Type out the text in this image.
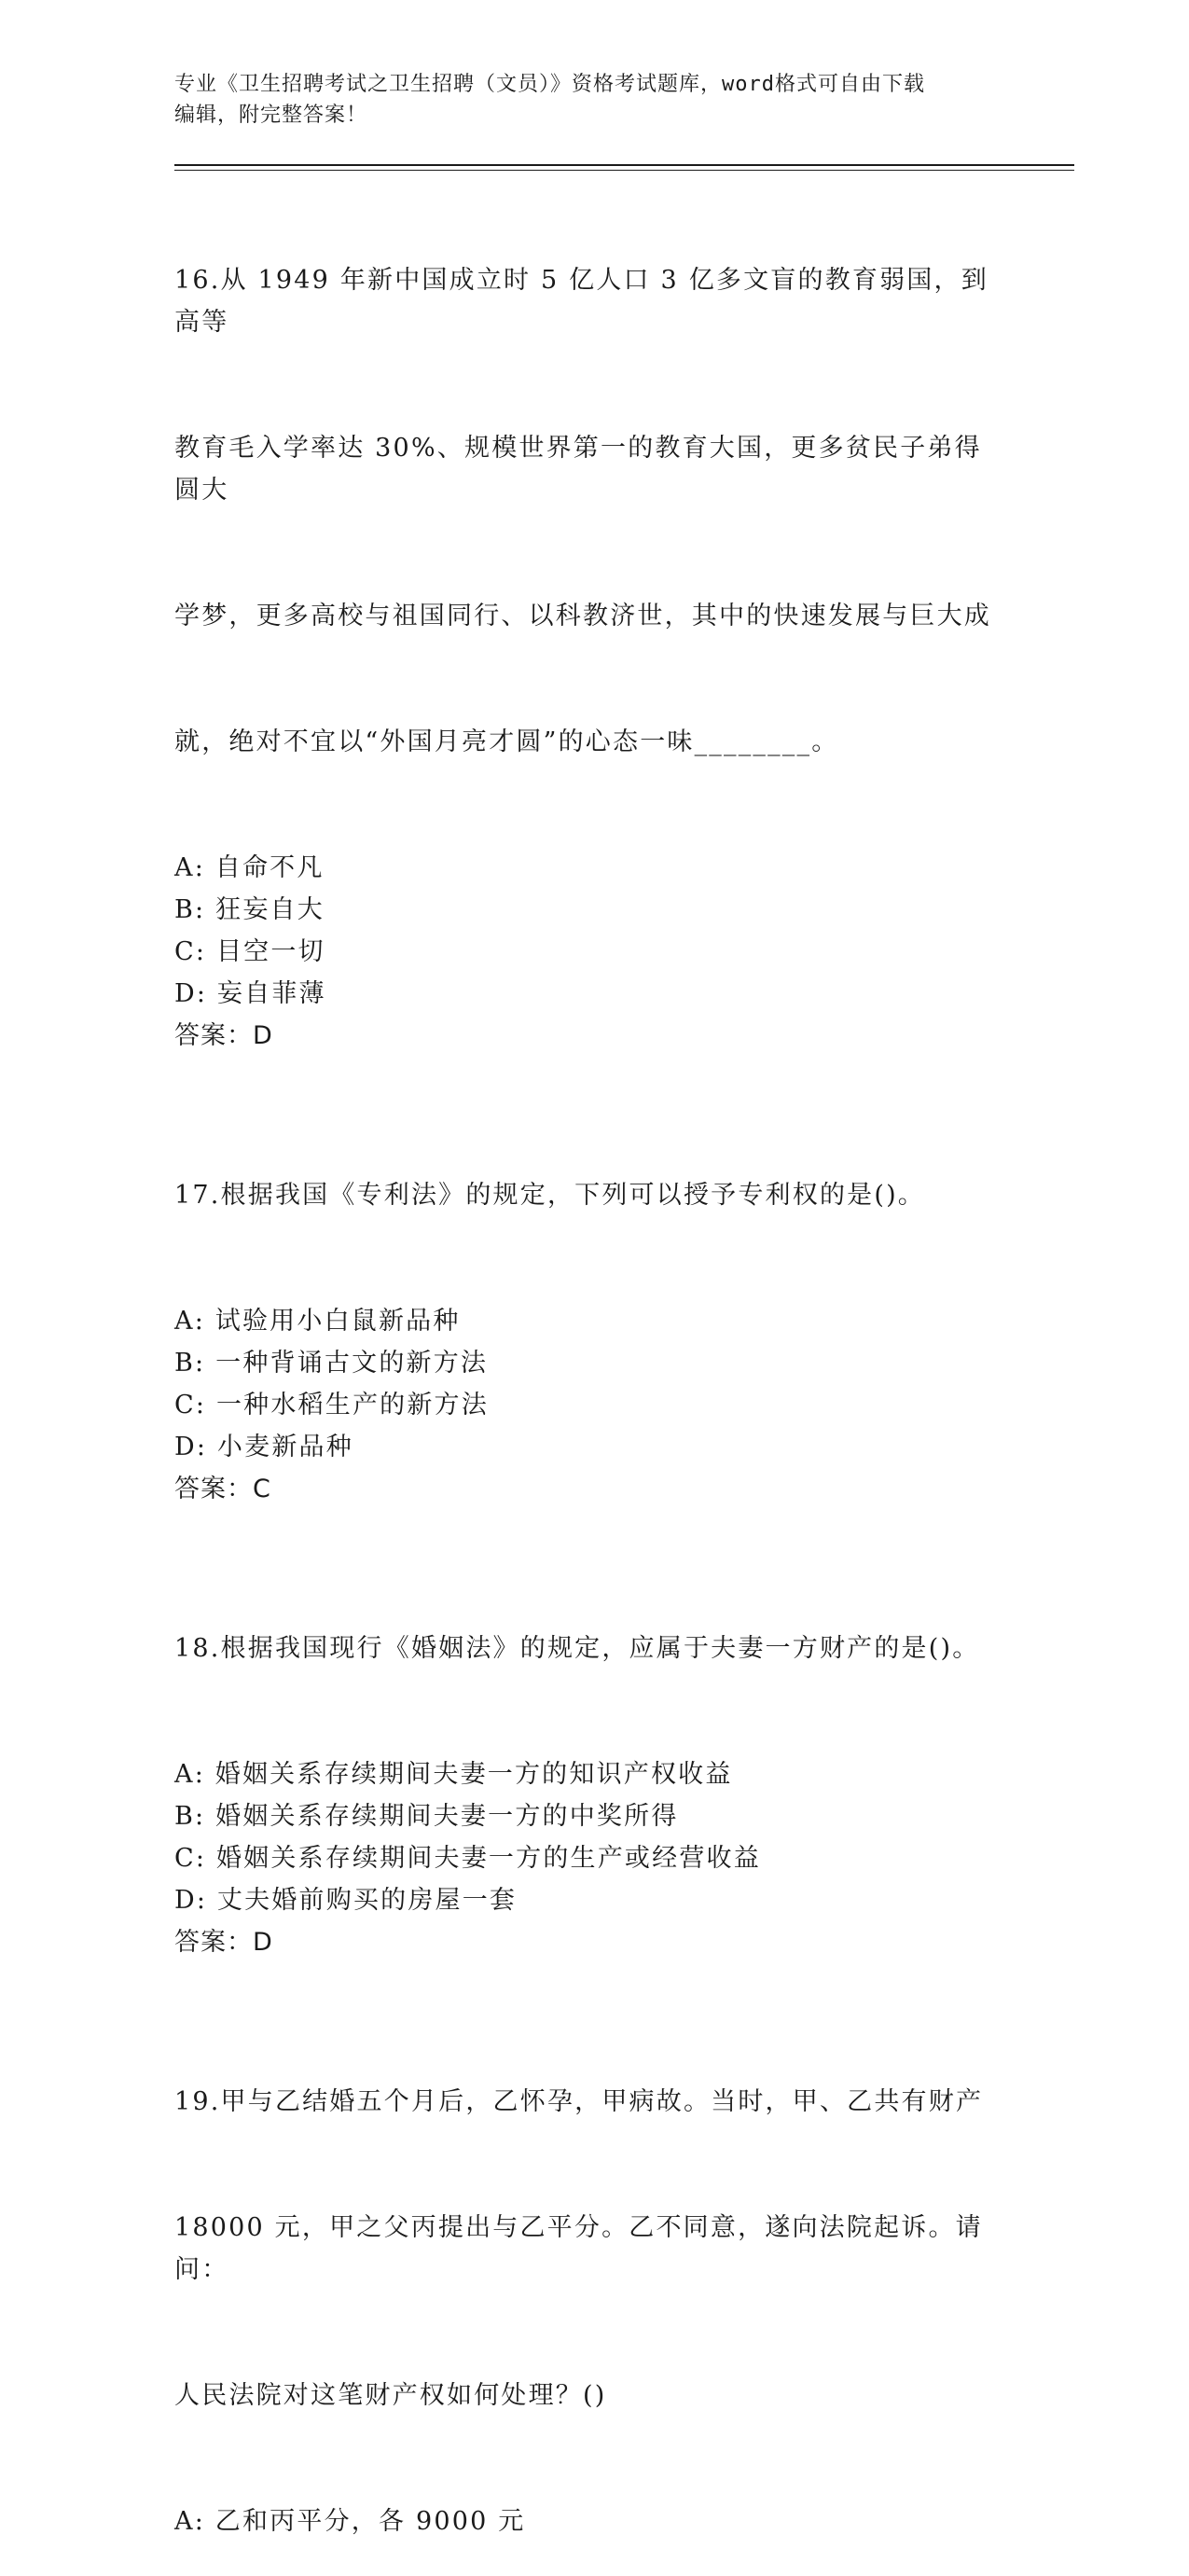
专业《卫生招聘考试之卫生招聘（文员）》资格考试题库，word格式可自由下载
编辑，附完整答案！

16.从 1949 年新中国成立时 5 亿人口 3 亿多文盲的教育弱国，到高等

教育毛入学率达 30%、规模世界第一的教育大国，更多贫民子弟得圆大

学梦，更多高校与祖国同行、以科教济世，其中的快速发展与巨大成

就，绝对不宜以“外国月亮才圆”的心态一味________。

A: 自命不凡
B: 狂妄自大
C: 目空一切
D: 妄自菲薄
答案：D

17.根据我国《专利法》的规定，下列可以授予专利权的是()。

A: 试验用小白鼠新品种
B: 一种背诵古文的新方法
C: 一种水稻生产的新方法
D: 小麦新品种
答案：C

18.根据我国现行《婚姻法》的规定，应属于夫妻一方财产的是()。

A: 婚姻关系存续期间夫妻一方的知识产权收益
B: 婚姻关系存续期间夫妻一方的中奖所得
C: 婚姻关系存续期间夫妻一方的生产或经营收益
D: 丈夫婚前购买的房屋一套
答案：D

19.甲与乙结婚五个月后，乙怀孕，甲病故。当时，甲、乙共有财产

18000 元，甲之父丙提出与乙平分。乙不同意，遂向法院起诉。请问：

人民法院对这笔财产权如何处理？()

A: 乙和丙平分，各 9000 元
